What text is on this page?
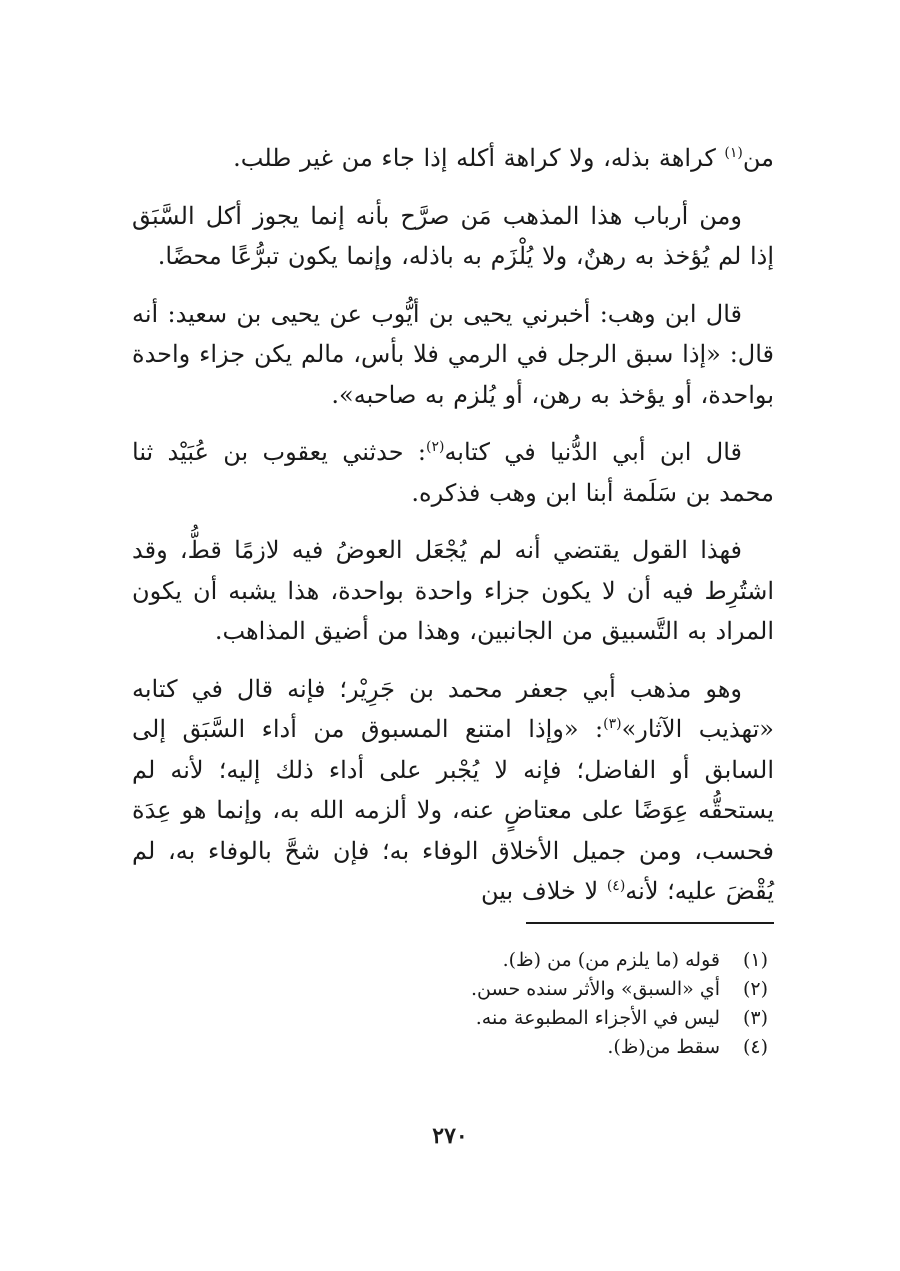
من$^{(١)}$ كراهة بذله، ولا كراهة أكله إذا جاء من غير طلب.

ومن أرباب هذا المذهب مَن صرَّح بأنه إنما يجوز أكل السَّبَق إذا لم يُؤخذ به رهنٌ، ولا يُلْزَم به باذله، وإنما يكون تبرُّعًا محضًا.

قال ابن وهب: أخبرني يحيى بن أيُّوب عن يحيى بن سعيد: أنه قال: «إذا سبق الرجل في الرمي فلا بأس، مالم يكن جزاء واحدة بواحدة، أو يؤخذ به رهن، أو يُلزم به صاحبه».

قال ابن أبي الدُّنيا في كتابه$^{(٢)}$: حدثني يعقوب بن عُبَيْد ثنا محمد بن سَلَمة أبنا ابن وهب فذكره.

فهذا القول يقتضي أنه لم يُجْعَل العوضُ فيه لازمًا قطُّ، وقد اشتُرِط فيه أن لا يكون جزاء واحدة بواحدة، هذا يشبه أن يكون المراد به التَّسبيق من الجانبين، وهذا من أضيق المذاهب.

وهو مذهب أبي جعفر محمد بن جَرِيْر؛ فإنه قال في كتابه «تهذيب الآثار»$^{(٣)}$: «وإذا امتنع المسبوق من أداء السَّبَق إلى السابق أو الفاضل؛ فإنه لا يُجْبر على أداء ذلك إليه؛ لأنه لم يستحقُّه عِوَضًا على معتاضٍ عنه، ولا ألزمه الله به، وإنما هو عِدَة فحسب، ومن جميل الأخلاق الوفاء به؛ فإن شحَّ بالوفاء به، لم يُقْضَ عليه؛ لأنه$^{(٤)}$ لا خلاف بين

(١)
قوله (ما يلزم من) من (ظ).

(٢)
أي «السبق» والأثر سنده حسن.

(٣)
ليس في الأجزاء المطبوعة منه.

(٤)
سقط من(ظ).

٢٧٠
